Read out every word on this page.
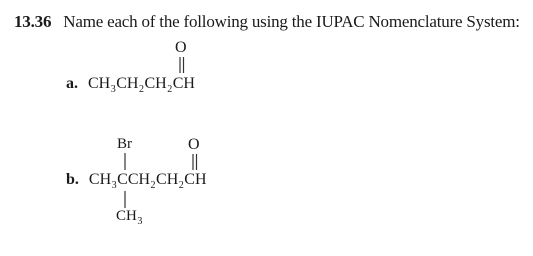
13.36 Name each of the following using the IUPAC Nomenclature System:
O
a. $CH_3CH_2CH_2CH$
Br	O
b. $CH_3CCH_2CH_2CH$
$CH_3$
